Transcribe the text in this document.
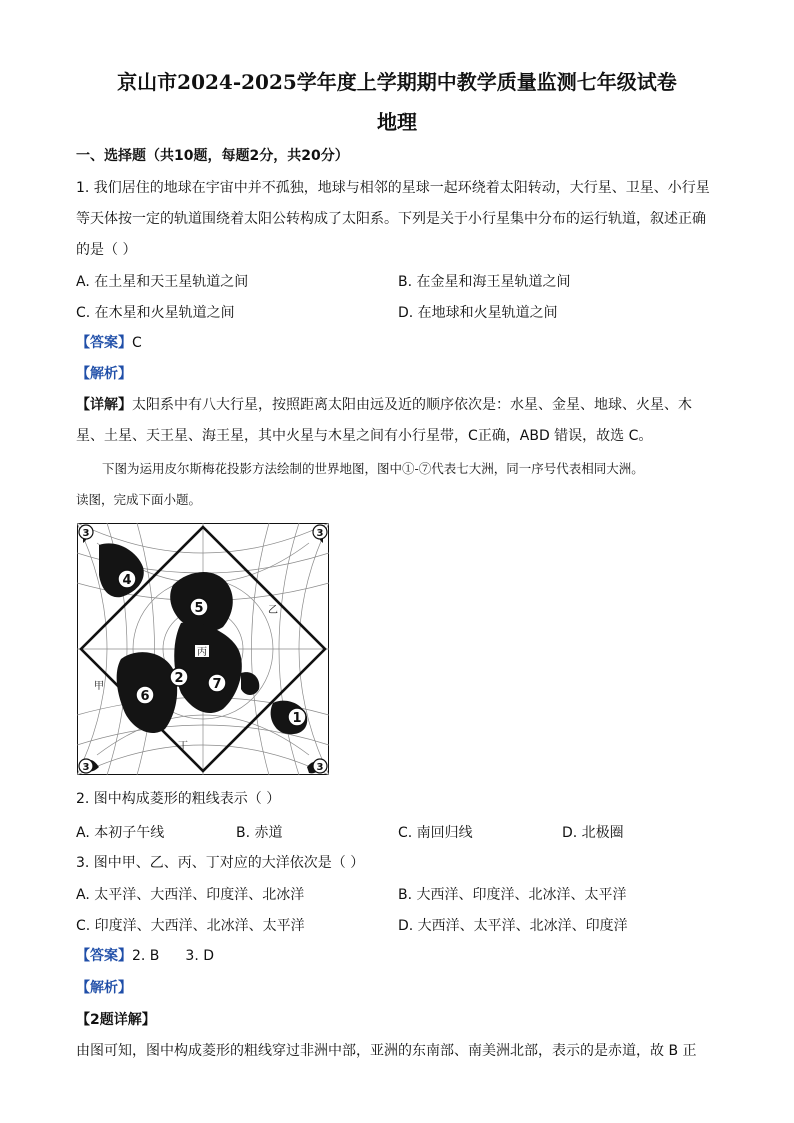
京山市2024-2025学年度上学期期中教学质量监测七年级试卷
地理
一、选择题（共10题，每题2分，共20分）
1. 我们居住的地球在宇宙中并不孤独，地球与相邻的星球一起环绕着太阳转动，大行星、卫星、小行星
等天体按一定的轨道围绕着太阳公转构成了太阳系。下列是关于小行星集中分布的运行轨道，叙述正确
的是（ ）
A. 在土星和天王星轨道之间	B. 在金星和海王星轨道之间
C. 在木星和火星轨道之间	D. 在地球和火星轨道之间
【答案】C
【解析】
【详解】太阳系中有八大行星，按照距离太阳由远及近的顺序依次是：水星、金星、地球、火星、木
星、土星、天王星、海王星，其中火星与木星之间有小行星带，C正确，ABD 错误，故选 C。
下图为运用皮尔斯梅花投影方法绘制的世界地图，图中①-⑦代表七大洲，同一序号代表相同大洲。
读图，完成下面小题。
4
5
2 7
6
1
3	3
3	3
甲
乙
丙
丁
2. 图中构成菱形的粗线表示（ ）
A. 本初子午线	B. 赤道	C. 南回归线	D. 北极圈
3. 图中甲、乙、丙、丁对应的大洋依次是（ ）
A. 太平洋、大西洋、印度洋、北冰洋	B. 大西洋、印度洋、北冰洋、太平洋
C. 印度洋、大西洋、北冰洋、太平洋	D. 大西洋、太平洋、北冰洋、印度洋
【答案】2. B 3. D
【解析】
【2题详解】
由图可知，图中构成菱形的粗线穿过非洲中部，亚洲的东南部、南美洲北部，表示的是赤道，故 B 正
